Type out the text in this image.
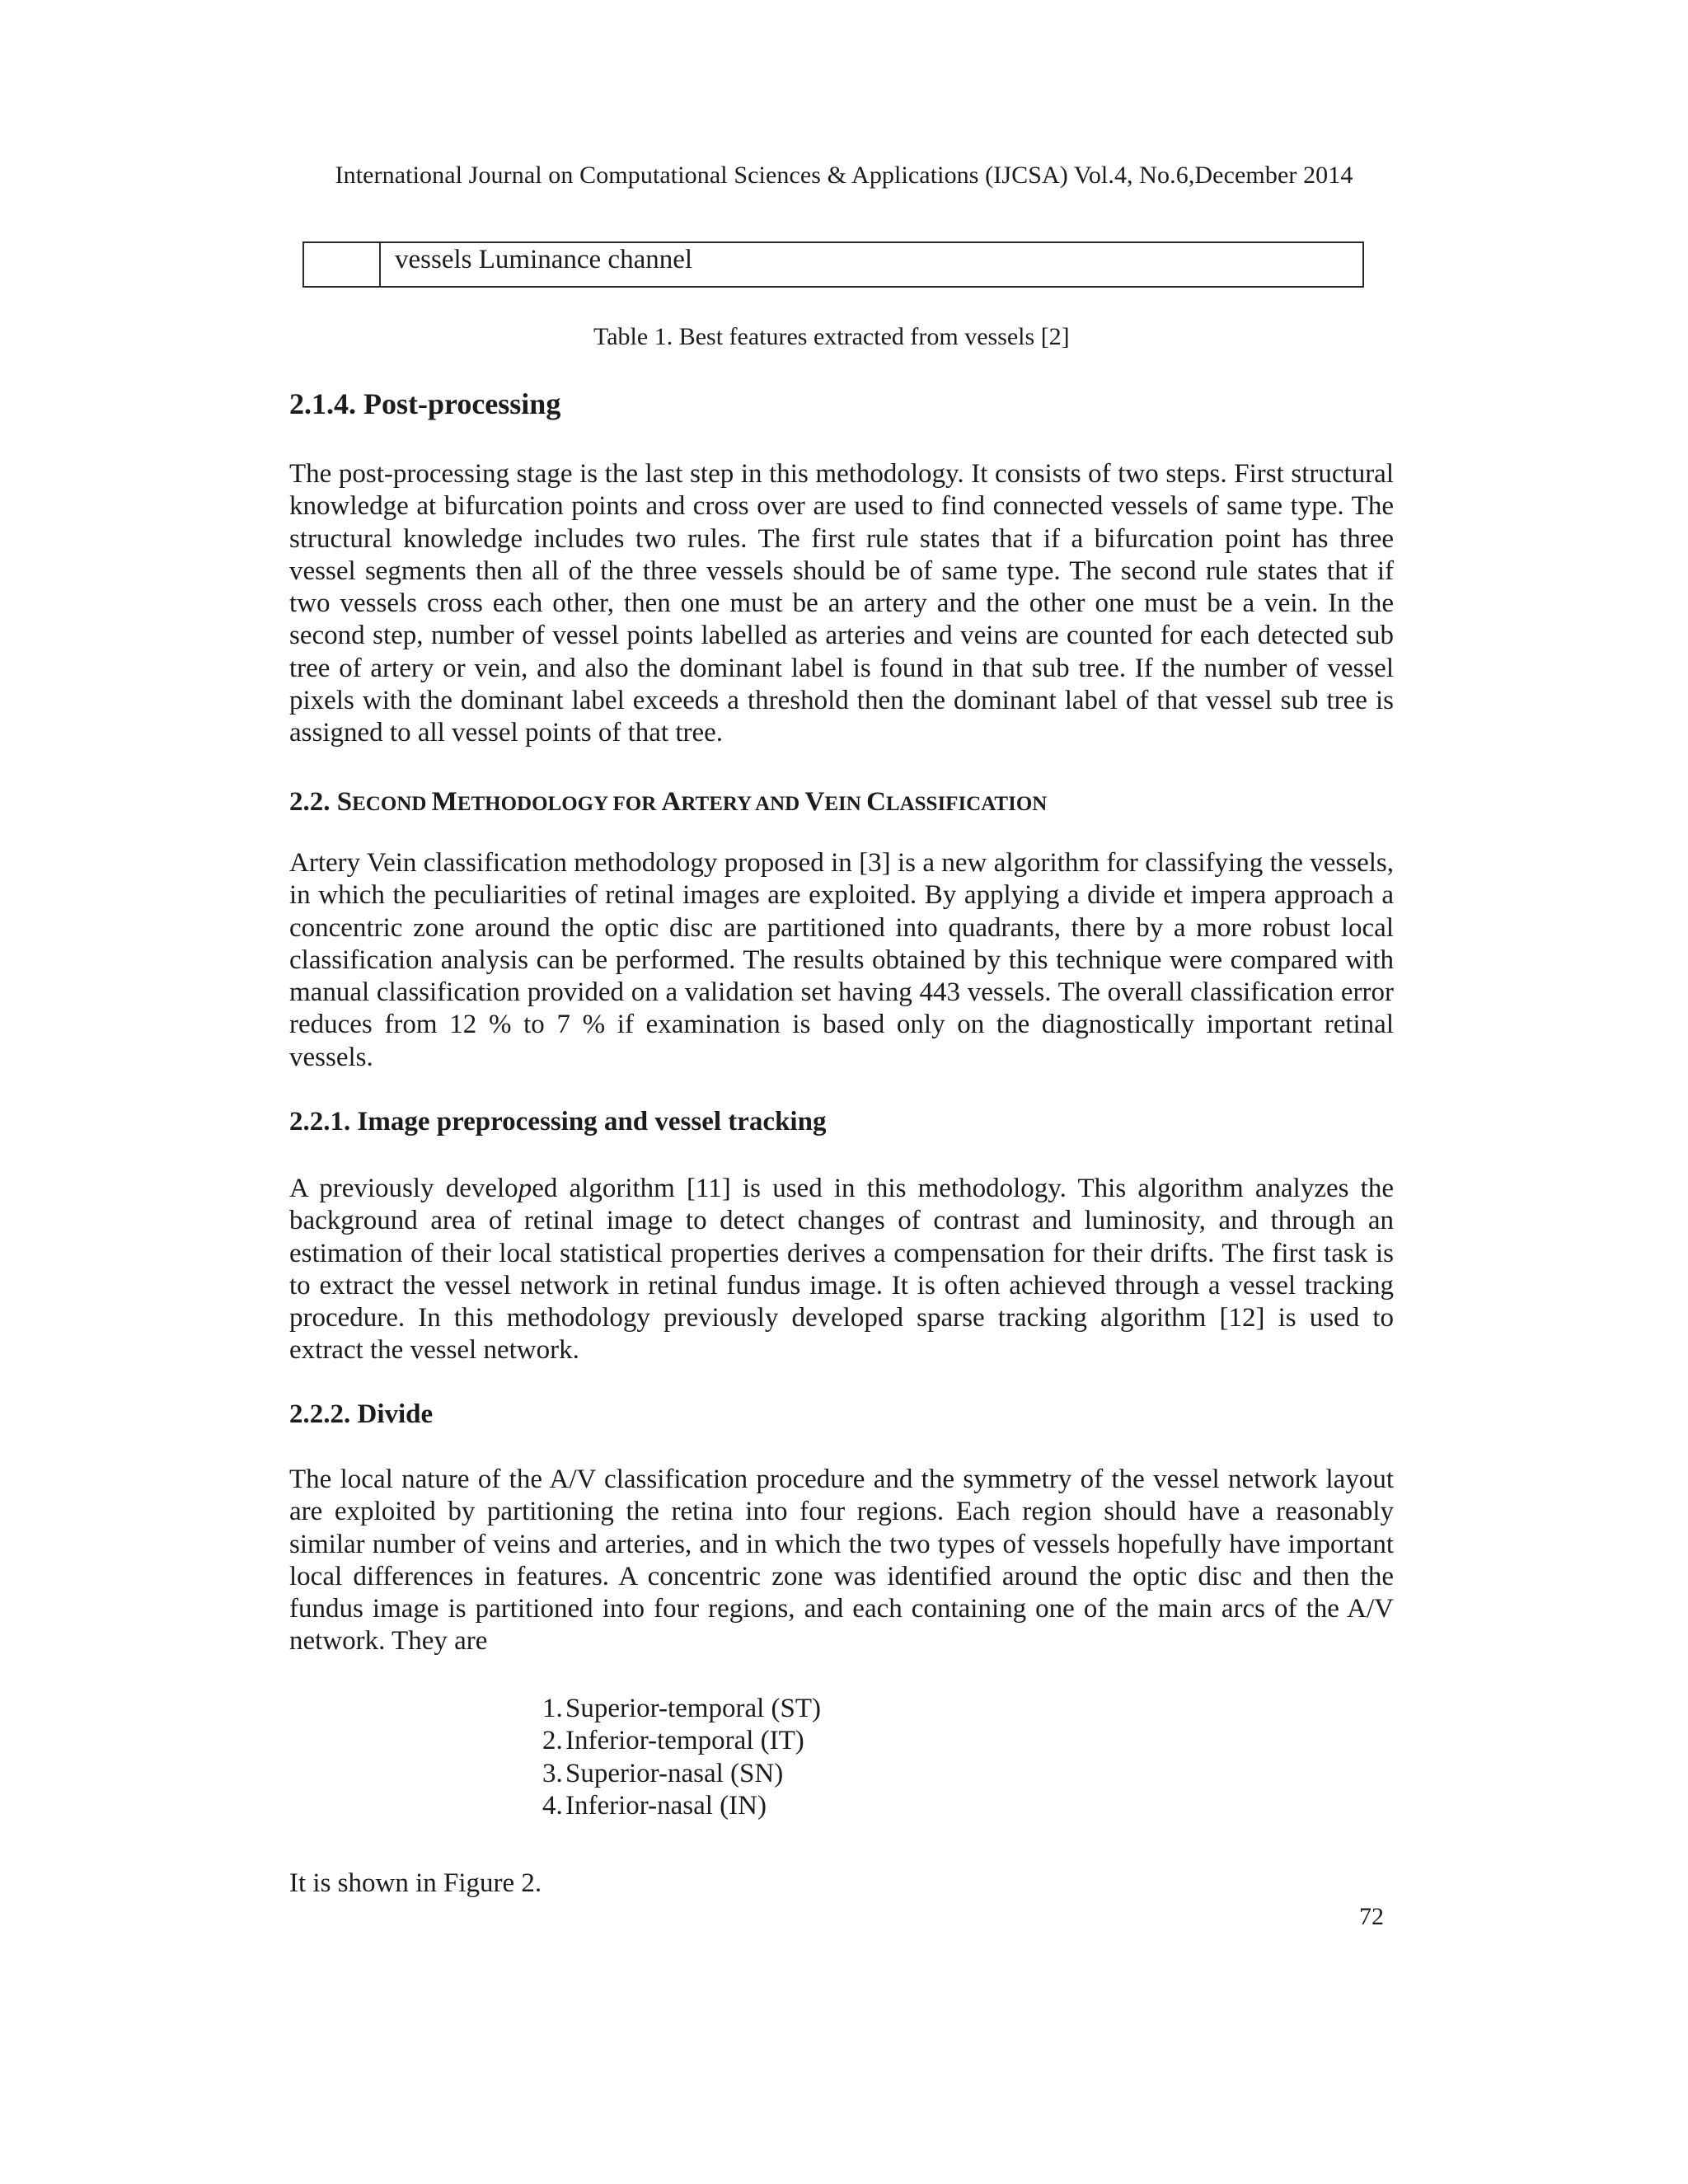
International Journal on Computational Sciences & Applications (IJCSA) Vol.4, No.6,December 2014
vessels Luminance channel
Table 1. Best features extracted from vessels [2]
2.1.4. Post-processing

The post-processing stage is the last step in this methodology. It consists of two steps. First structural knowledge at bifurcation points and cross over are used to find connected vessels of same type. The structural knowledge includes two rules. The first rule states that if a bifurcation point has three vessel segments then all of the three vessels should be of same type. The second rule states that if two vessels cross each other, then one must be an artery and the other one must be a vein. In the second step, number of vessel points labelled as arteries and veins are counted for each detected sub tree of artery or vein, and also the dominant label is found in that sub tree. If the number of vessel pixels with the dominant label exceeds a threshold then the dominant label of that vessel sub tree is assigned to all vessel points of that tree.

2.2. SECOND METHODOLOGY FOR ARTERY AND VEIN CLASSIFICATION

Artery Vein classification methodology proposed in [3] is a new algorithm for classifying the vessels, in which the peculiarities of retinal images are exploited. By applying a divide et impera approach a concentric zone around the optic disc are partitioned into quadrants, there by a more robust local classification analysis can be performed. The results obtained by this technique were compared with manual classification provided on a validation set having 443 vessels. The overall classification error reduces from 12 % to 7 % if examination is based only on the diagnostically important retinal vessels.

2.2.1. Image preprocessing and vessel tracking

A previously developed algorithm [11] is used in this methodology. This algorithm analyzes the background area of retinal image to detect changes of contrast and luminosity, and through an estimation of their local statistical properties derives a compensation for their drifts. The first task is to extract the vessel network in retinal fundus image. It is often achieved through a vessel tracking procedure. In this methodology previously developed sparse tracking algorithm [12] is used to extract the vessel network.

2.2.2. Divide

The local nature of the A/V classification procedure and the symmetry of the vessel network layout are exploited by partitioning the retina into four regions. Each region should have a reasonably similar number of veins and arteries, and in which the two types of vessels hopefully have important local differences in features. A concentric zone was identified around the optic disc and then the fundus image is partitioned into four regions, and each containing one of the main arcs of the A/V network. They are

1.Superior-temporal (ST)
2.Inferior-temporal (IT)
3.Superior-nasal (SN)
4.Inferior-nasal (IN)
It is shown in Figure 2.
72
